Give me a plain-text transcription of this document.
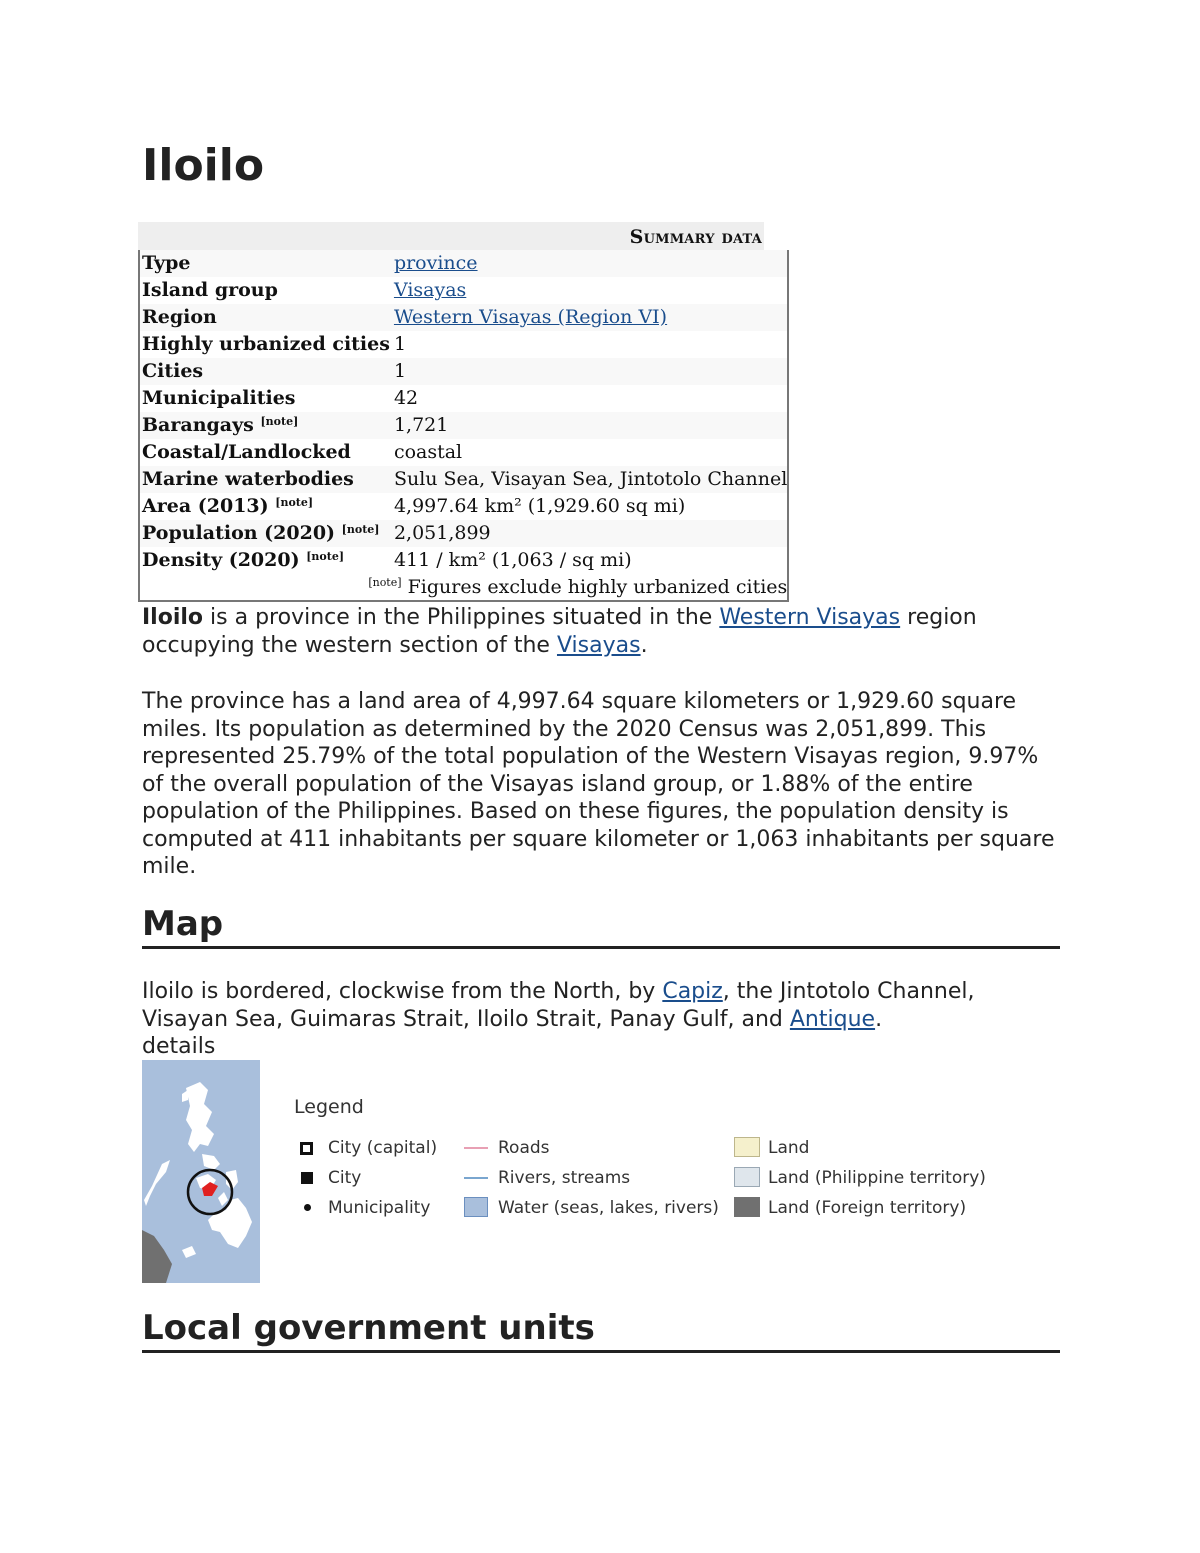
Iloilo
Summary data
Type	province
Island group	Visayas
Region	Western Visayas (Region VI)
Highly urbanized cities	1
Cities	1
Municipalities	42
Barangays [note]	1,721
Coastal/Landlocked	coastal
Marine waterbodies	Sulu Sea, Visayan Sea, Jintotolo Channel
Area (2013) [note]	4,997.64 km² (1,929.60 sq mi)
Population (2020) [note]	2,051,899
Density (2020) [note]	411 / km² (1,063 / sq mi)
[note] Figures exclude highly urbanized cities	

Iloilo is a province in the Philippines situated in the Western Visayas region occupying the western section of the Visayas.

The province has a land area of 4,997.64 square kilometers or 1,929.60 square miles. Its population as determined by the 2020 Census was 2,051,899. This represented 25.79% of the total population of the Western Visayas region, 9.97% of the overall population of the Visayas island group, or 1.88% of the entire population of the Philippines. Based on these figures, the population density is computed at 411 inhabitants per square kilometer or 1,063 inhabitants per square mile.

Map

Iloilo is bordered, clockwise from the North, by Capiz, the Jintotolo Channel, Visayan Sea, Guimaras Strait, Iloilo Strait, Panay Gulf, and Antique.
details

Legend
City (capital)
City
Municipality
Roads
Rivers, streams
Water (seas, lakes, rivers)
Land
Land (Philippine territory)
Land (Foreign territory)
Local government units
